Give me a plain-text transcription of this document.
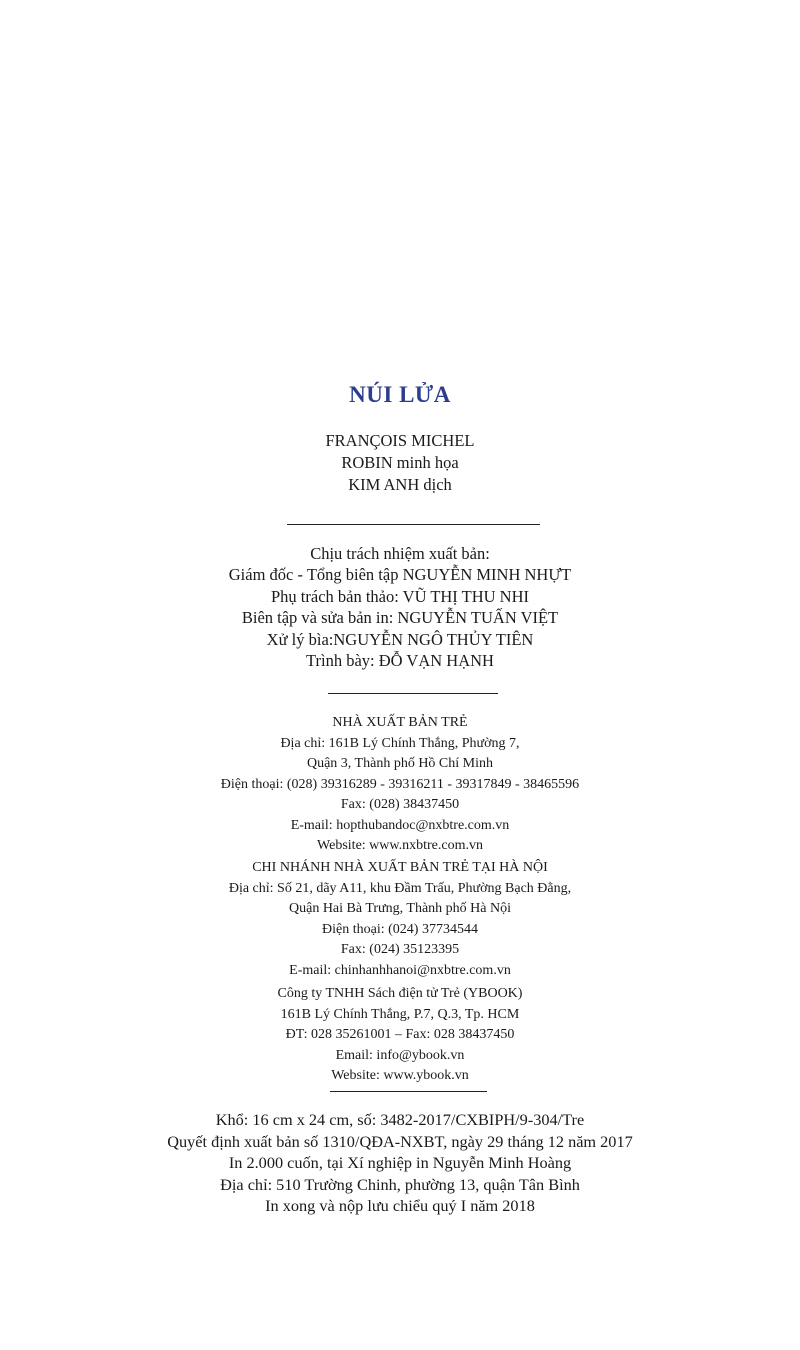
NÚI LỬA
FRANÇOIS MICHEL
ROBIN minh họa
KIM ANH dịch
Chịu trách nhiệm xuất bản:
Giám đốc - Tổng biên tập NGUYỄN MINH NHỰT
Phụ trách bản thảo: VŨ THỊ THU NHI
Biên tập và sửa bản in: NGUYỄN TUẤN VIỆT
Xử lý bìa:NGUYỄN NGÔ THỦY TIÊN
Trình bày: ĐỖ VẠN HẠNH
NHÀ XUẤT BẢN TRẺ
Địa chỉ: 161B Lý Chính Thắng, Phường 7,
Quận 3, Thành phố Hồ Chí Minh
Điện thoại: (028) 39316289 - 39316211 - 39317849 - 38465596
Fax: (028) 38437450
E-mail: hopthubandoc@nxbtre.com.vn
Website: www.nxbtre.com.vn
CHI NHÁNH NHÀ XUẤT BẢN TRẺ TẠI HÀ NỘI
Địa chỉ: Số 21, dãy A11, khu Đầm Trấu, Phường Bạch Đằng,
Quận Hai Bà Trưng, Thành phố Hà Nội
Điện thoại: (024) 37734544
Fax: (024) 35123395
E-mail: chinhanhhanoi@nxbtre.com.vn
Công ty TNHH Sách điện tử Trẻ (YBOOK)
161B Lý Chính Thắng, P.7, Q.3, Tp. HCM
ĐT: 028 35261001 – Fax: 028 38437450
Email: info@ybook.vn
Website: www.ybook.vn
Khổ: 16 cm x 24 cm, số: 3482-2017/CXBIPH/9-304/Tre
Quyết định xuất bản số 1310/QĐA-NXBT, ngày 29 tháng 12 năm 2017
In 2.000 cuốn, tại Xí nghiệp in Nguyễn Minh Hoàng
Địa chỉ: 510 Trường Chinh, phường 13, quận Tân Bình
In xong và nộp lưu chiểu quý I năm 2018
